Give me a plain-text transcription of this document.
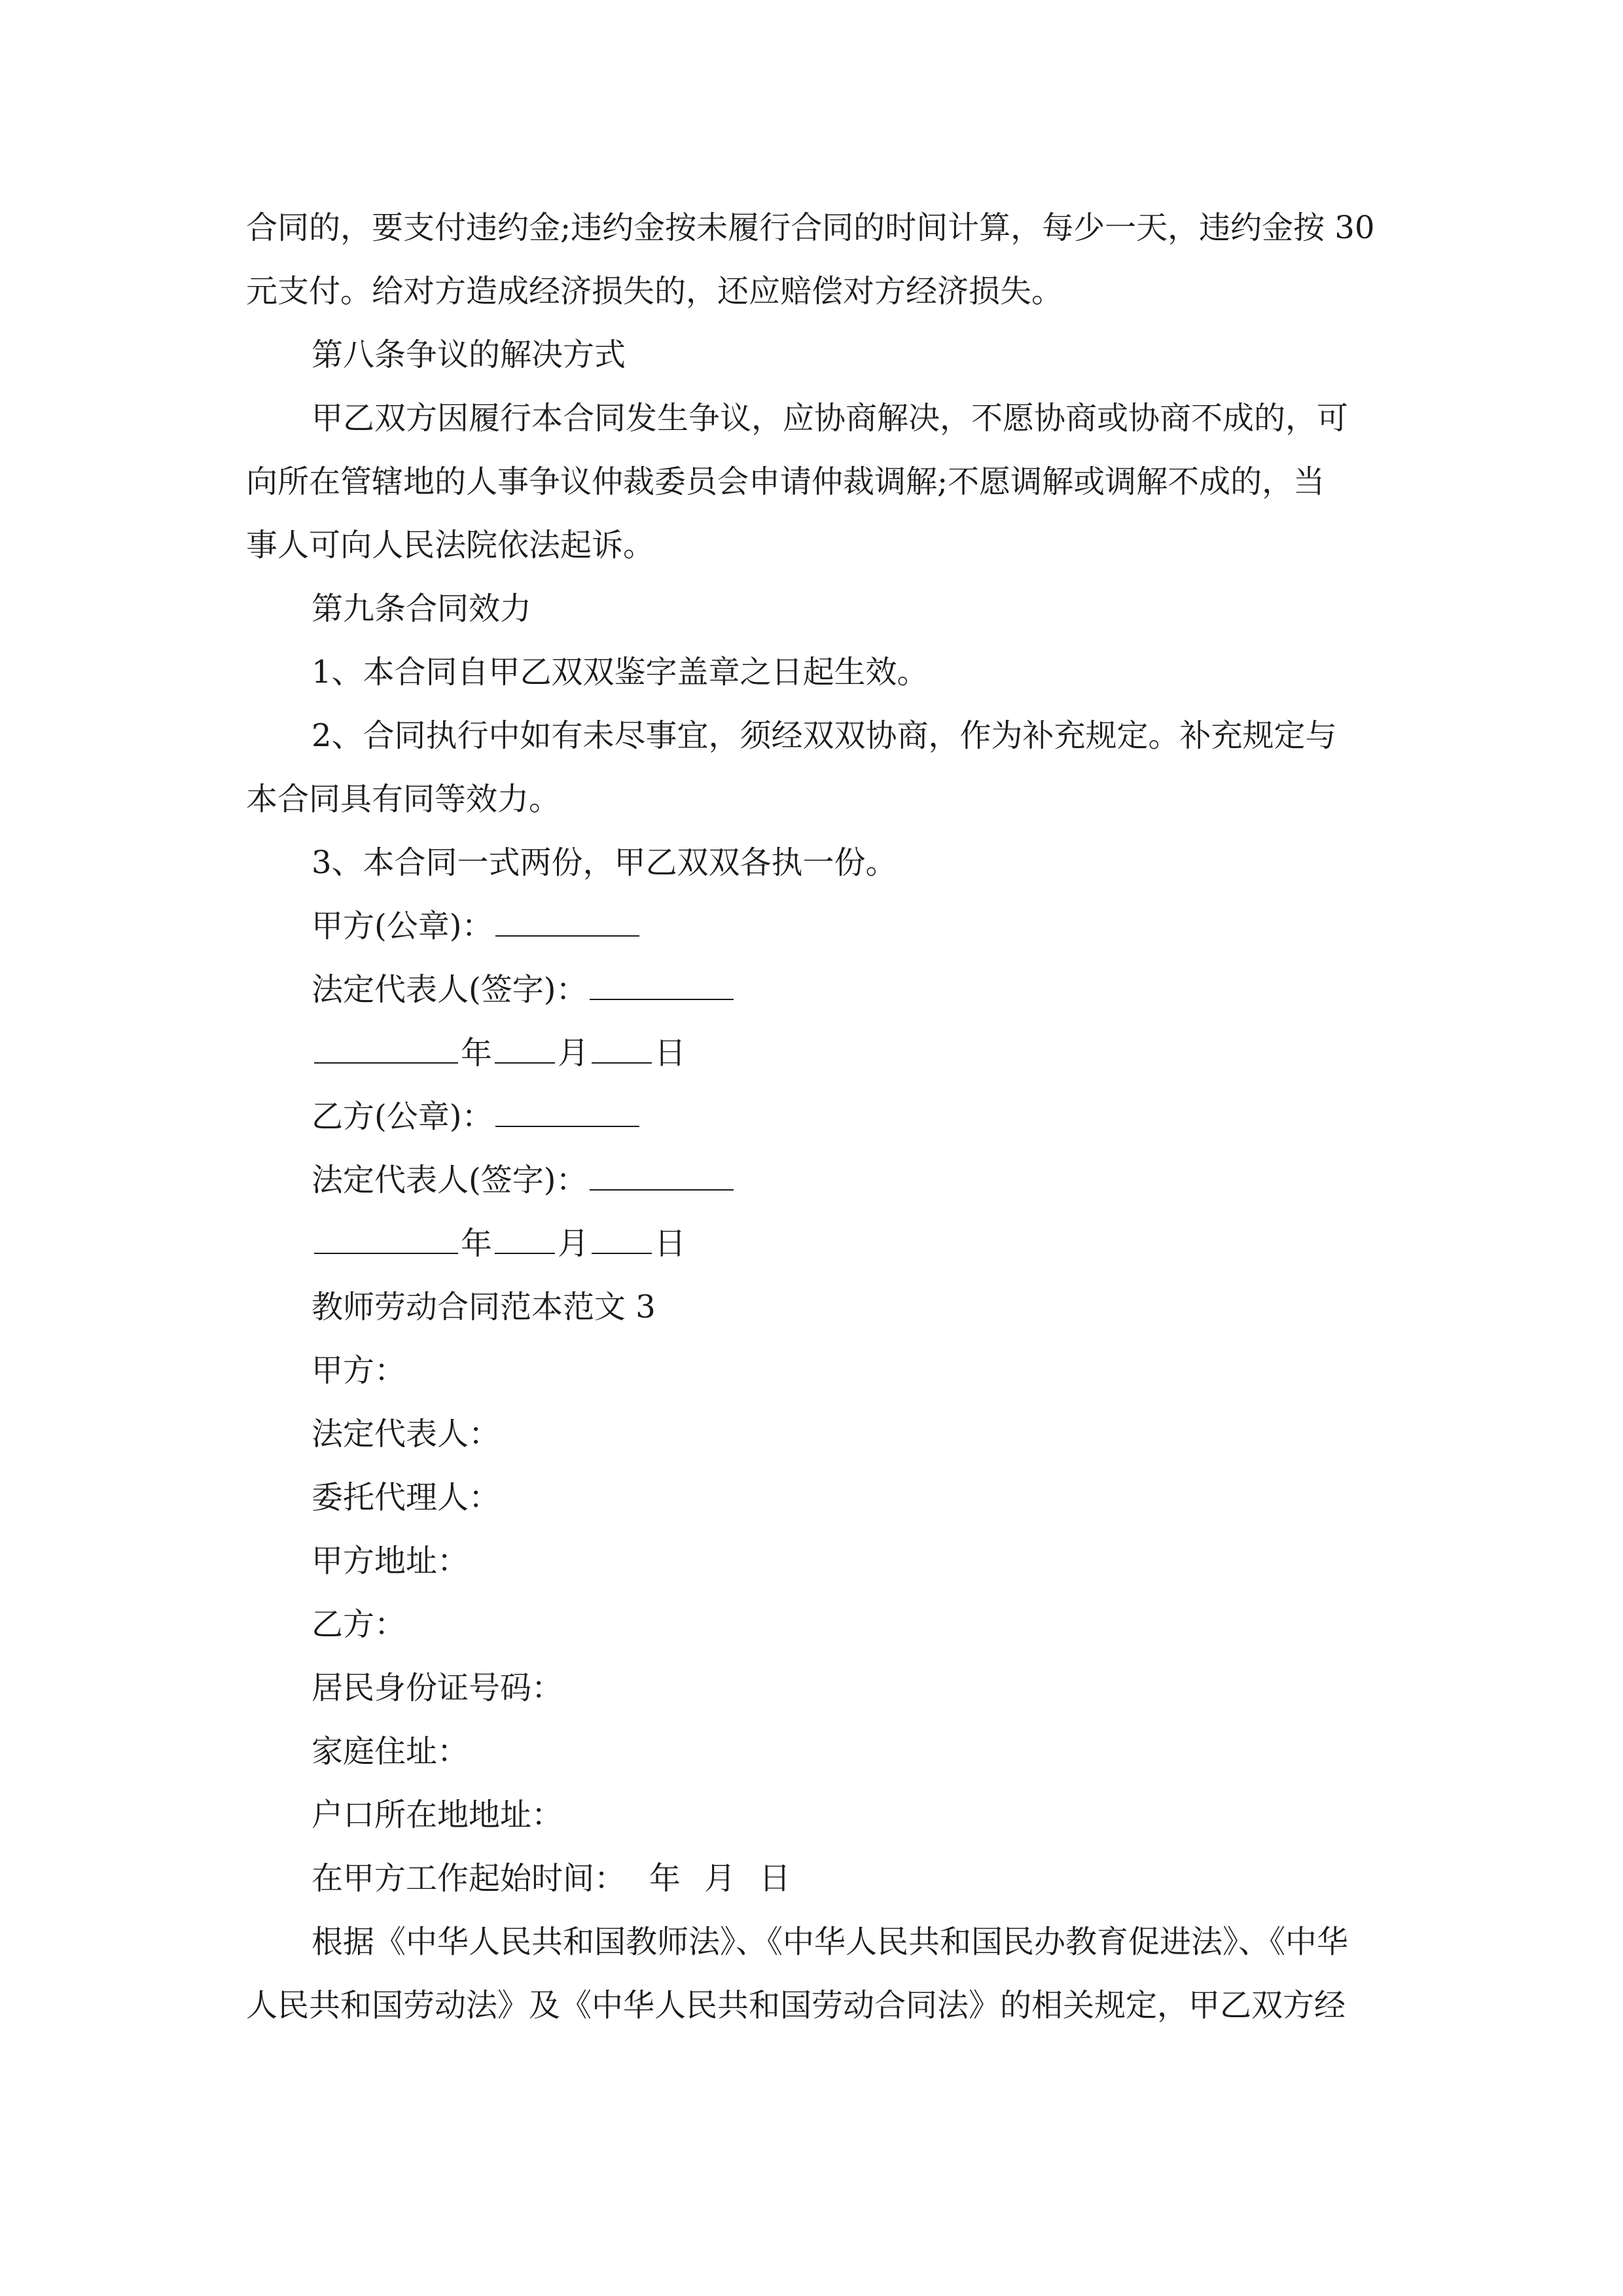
合同的，要支付违约金;违约金按未履行合同的时间计算，每少一天，违约金按 30
元支付。给对方造成经济损失的，还应赔偿对方经济损失。
第八条争议的解决方式
甲乙双方因履行本合同发生争议，应协商解决，不愿协商或协商不成的，可
向所在管辖地的人事争议仲裁委员会申请仲裁调解;不愿调解或调解不成的，当
事人可向人民法院依法起诉。
第九条合同效力
1、本合同自甲乙双双鉴字盖章之日起生效。
2、合同执行中如有未尽事宜，须经双双协商，作为补充规定。补充规定与
本合同具有同等效力。
3、本合同一式两份，甲乙双双各执一份。
甲方(公章)：
法定代表人(签字)：
年 月 日
乙方(公章)：
法定代表人(签字)：
年 月 日
教师劳动合同范本范文 3
甲方：
法定代表人：
委托代理人：
甲方地址：
乙方：
居民身份证号码：
家庭住址：
户口所在地地址：
在甲方工作起始时间： 年 月 日
根据《中华人民共和国教师法》、《中华人民共和国民办教育促进法》、《中华
人民共和国劳动法》及《中华人民共和国劳动合同法》的相关规定，甲乙双方经
